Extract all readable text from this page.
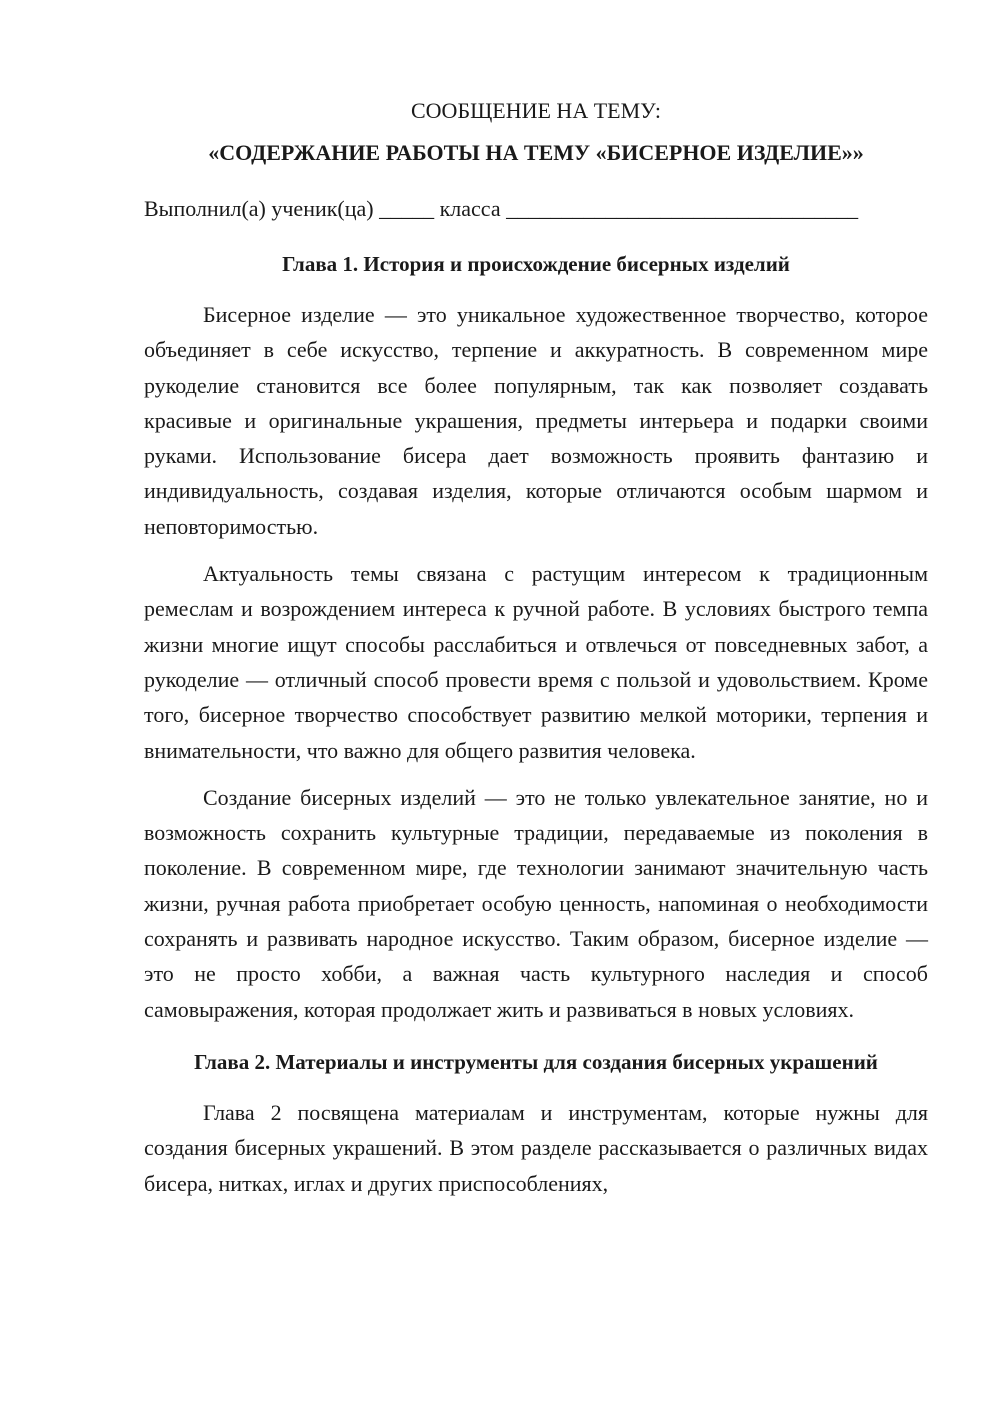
СООБЩЕНИЕ НА ТЕМУ:

«СОДЕРЖАНИЕ РАБОТЫ НА ТЕМУ «БИСЕРНОЕ ИЗДЕЛИЕ»»

Выполнил(а) ученик(ца) _____ класса ________________________________

Глава 1. История и происхождение бисерных изделий

Бисерное изделие — это уникальное художественное творчество, которое объединяет в себе искусство, терпение и аккуратность. В современном мире рукоделие становится все более популярным, так как позволяет создавать красивые и оригинальные украшения, предметы интерьера и подарки своими руками. Использование бисера дает возможность проявить фантазию и индивидуальность, создавая изделия, которые отличаются особым шармом и неповторимостью.

Актуальность темы связана с растущим интересом к традиционным ремеслам и возрождением интереса к ручной работе. В условиях быстрого темпа жизни многие ищут способы расслабиться и отвлечься от повседневных забот, а рукоделие — отличный способ провести время с пользой и удовольствием. Кроме того, бисерное творчество способствует развитию мелкой моторики, терпения и внимательности, что важно для общего развития человека.

Создание бисерных изделий — это не только увлекательное занятие, но и возможность сохранить культурные традиции, передаваемые из поколения в поколение. В современном мире, где технологии занимают значительную часть жизни, ручная работа приобретает особую ценность, напоминая о необходимости сохранять и развивать народное искусство. Таким образом, бисерное изделие — это не просто хобби, а важная часть культурного наследия и способ самовыражения, которая продолжает жить и развиваться в новых условиях.

Глава 2. Материалы и инструменты для создания бисерных украшений

Глава 2 посвящена материалам и инструментам, которые нужны для создания бисерных украшений. В этом разделе рассказывается о различных видах бисера, нитках, иглах и других приспособлениях,
